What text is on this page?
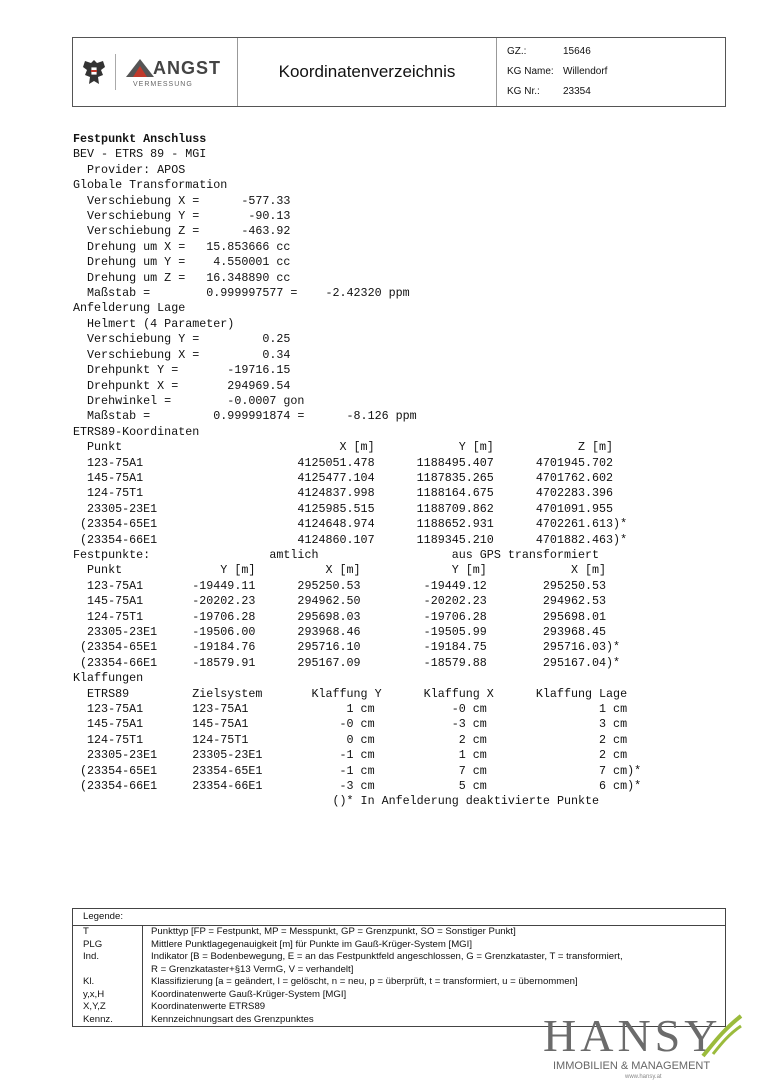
ANGST
VERMESSUNG
Koordinatenverzeichnis
GZ.:	15646
KG Name: Willendorf
KG Nr.:	23354
Festpunkt Anschluss
BEV - ETRS 89 - MGI
Provider: APOS
Globale Transformation
Verschiebung X =      -577.33
Verschiebung Y =       -90.13
Verschiebung Z =      -463.92
Drehung um X =   15.853666 cc
Drehung um Y =    4.550001 cc
Drehung um Z =   16.348890 cc
Maßstab =        0.999997577 =    -2.42320 ppm
Anfelderung Lage
Helmert (4 Parameter)
Verschiebung Y =         0.25
Verschiebung X =         0.34
Drehpunkt Y =       -19716.15
Drehpunkt X =       294969.54
Drehwinkel =        -0.0007 gon
Maßstab =         0.999991874 =      -8.126 ppm
ETRS89-Koordinaten
Punkt                               X [m]            Y [m]            Z [m]
123-75A1                      4125051.478      1188495.407      4701945.702
145-75A1                      4125477.104      1187835.265      4701762.602
124-75T1                      4124837.998      1188164.675      4702283.396
23305-23E1                    4125985.515      1188709.862      4701091.955
(23354-65E1                    4124648.974      1188652.931      4702261.613)*
(23354-66E1                    4124860.107      1189345.210      4701882.463)*
Festpunkte:                 amtlich                   aus GPS transformiert
Punkt              Y [m]          X [m]             Y [m]            X [m]
123-75A1       -19449.11      295250.53         -19449.12        295250.53
145-75A1       -20202.23      294962.50         -20202.23        294962.53
124-75T1       -19706.28      295698.03         -19706.28        295698.01
23305-23E1     -19506.00      293968.46         -19505.99        293968.45
(23354-65E1     -19184.76      295716.10         -19184.75        295716.03)*
(23354-66E1     -18579.91      295167.09         -18579.88        295167.04)*
Klaffungen
ETRS89         Zielsystem       Klaffung Y      Klaffung X      Klaffung Lage
123-75A1       123-75A1              1 cm           -0 cm                1 cm
145-75A1       145-75A1             -0 cm           -3 cm                3 cm
124-75T1       124-75T1              0 cm            2 cm                2 cm
23305-23E1     23305-23E1           -1 cm            1 cm                2 cm
(23354-65E1     23354-65E1           -1 cm            7 cm                7 cm)*
(23354-66E1     23354-66E1           -3 cm            5 cm                6 cm)*
()* In Anfelderung deaktivierte Punkte
Legende:
T	Punkttyp [FP = Festpunkt, MP = Messpunkt, GP = Grenzpunkt, SO = Sonstiger Punkt]
PLG	Mittlere Punktlagegenauigkeit [m] für Punkte im Gauß-Krüger-System [MGI]
Ind.	Indikator [B = Bodenbewegung, E = an das Festpunktfeld angeschlossen, G = Grenzkataster, T = transformiert,
R = Grenzkataster+§13 VermG, V = verhandelt]
Kl.	Klassifizierung [a = geändert, l = gelöscht, n = neu, p = überprüft, t = transformiert, u = übernommen]
y,x,H	Koordinatenwerte Gauß-Krüger-System [MGI]
X,Y,Z	Koordinatenwerte ETRS89
Kennz.	Kennzeichnungsart des Grenzpunktes	HANSY
IMMOBILIEN & MANAGEMENT
www.hansy.at
